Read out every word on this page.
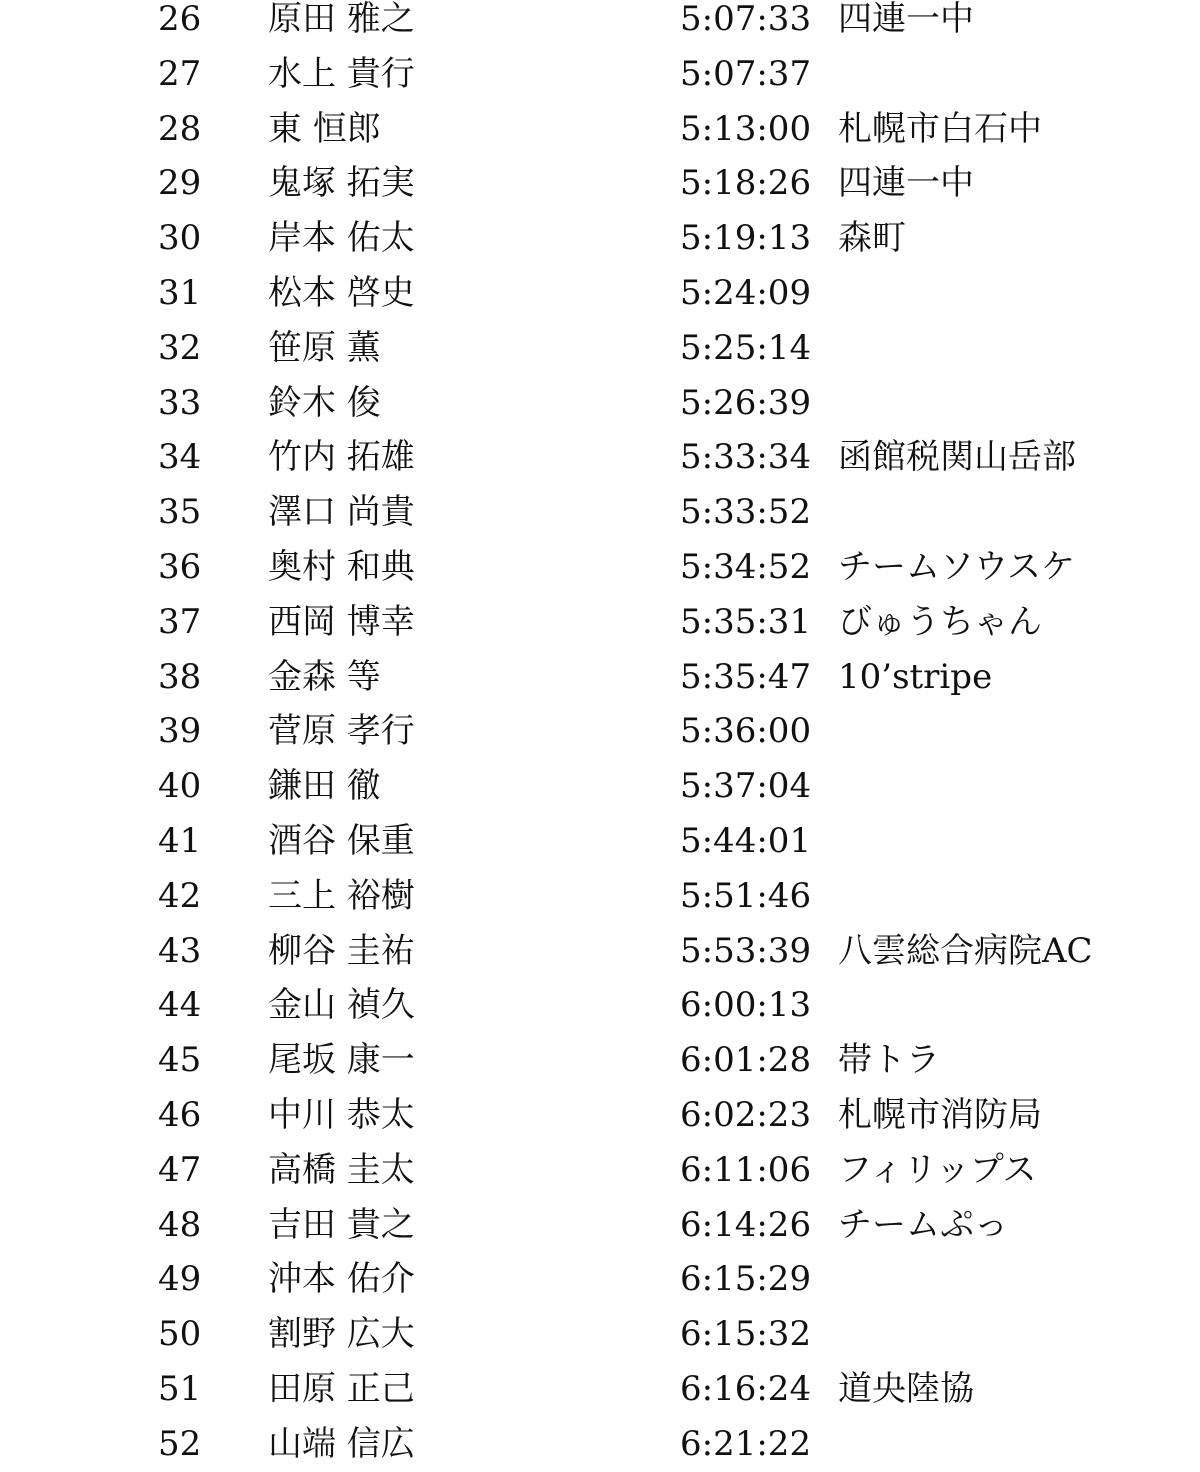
26 原田 雅之	5:07:33 四連一中
27 水上 貴行	5:07:37
28 東 恒郎	5:13:00 札幌市白石中
29 鬼塚 拓実	5:18:26 四連一中
30 岸本 佑太	5:19:13 森町
31 松本 啓史	5:24:09
32 笹原 薫	5:25:14
33 鈴木 俊	5:26:39
34 竹内 拓雄	5:33:34 函館税関山岳部
35 澤口 尚貴	5:33:52
36 奥村 和典	5:34:52 チームソウスケ
37 西岡 博幸	5:35:31 びゅうちゃん
38 金森 等	5:35:47 10’stripe
39 菅原 孝行	5:36:00
40 鎌田 徹	5:37:04
41 酒谷 保重	5:44:01
42 三上 裕樹	5:51:46
43 柳谷 圭祐	5:53:39 八雲総合病院AC
44 金山 禎久	6:00:13
45 尾坂 康一	6:01:28 帯トラ
46 中川 恭太	6:02:23 札幌市消防局
47 高橋 圭太	6:11:06 フィリップス
48 吉田 貴之	6:14:26 チームぷっ
49 沖本 佑介	6:15:29
50 割野 広大	6:15:32
51 田原 正己	6:16:24 道央陸協
52 山端 信広	6:21:22
